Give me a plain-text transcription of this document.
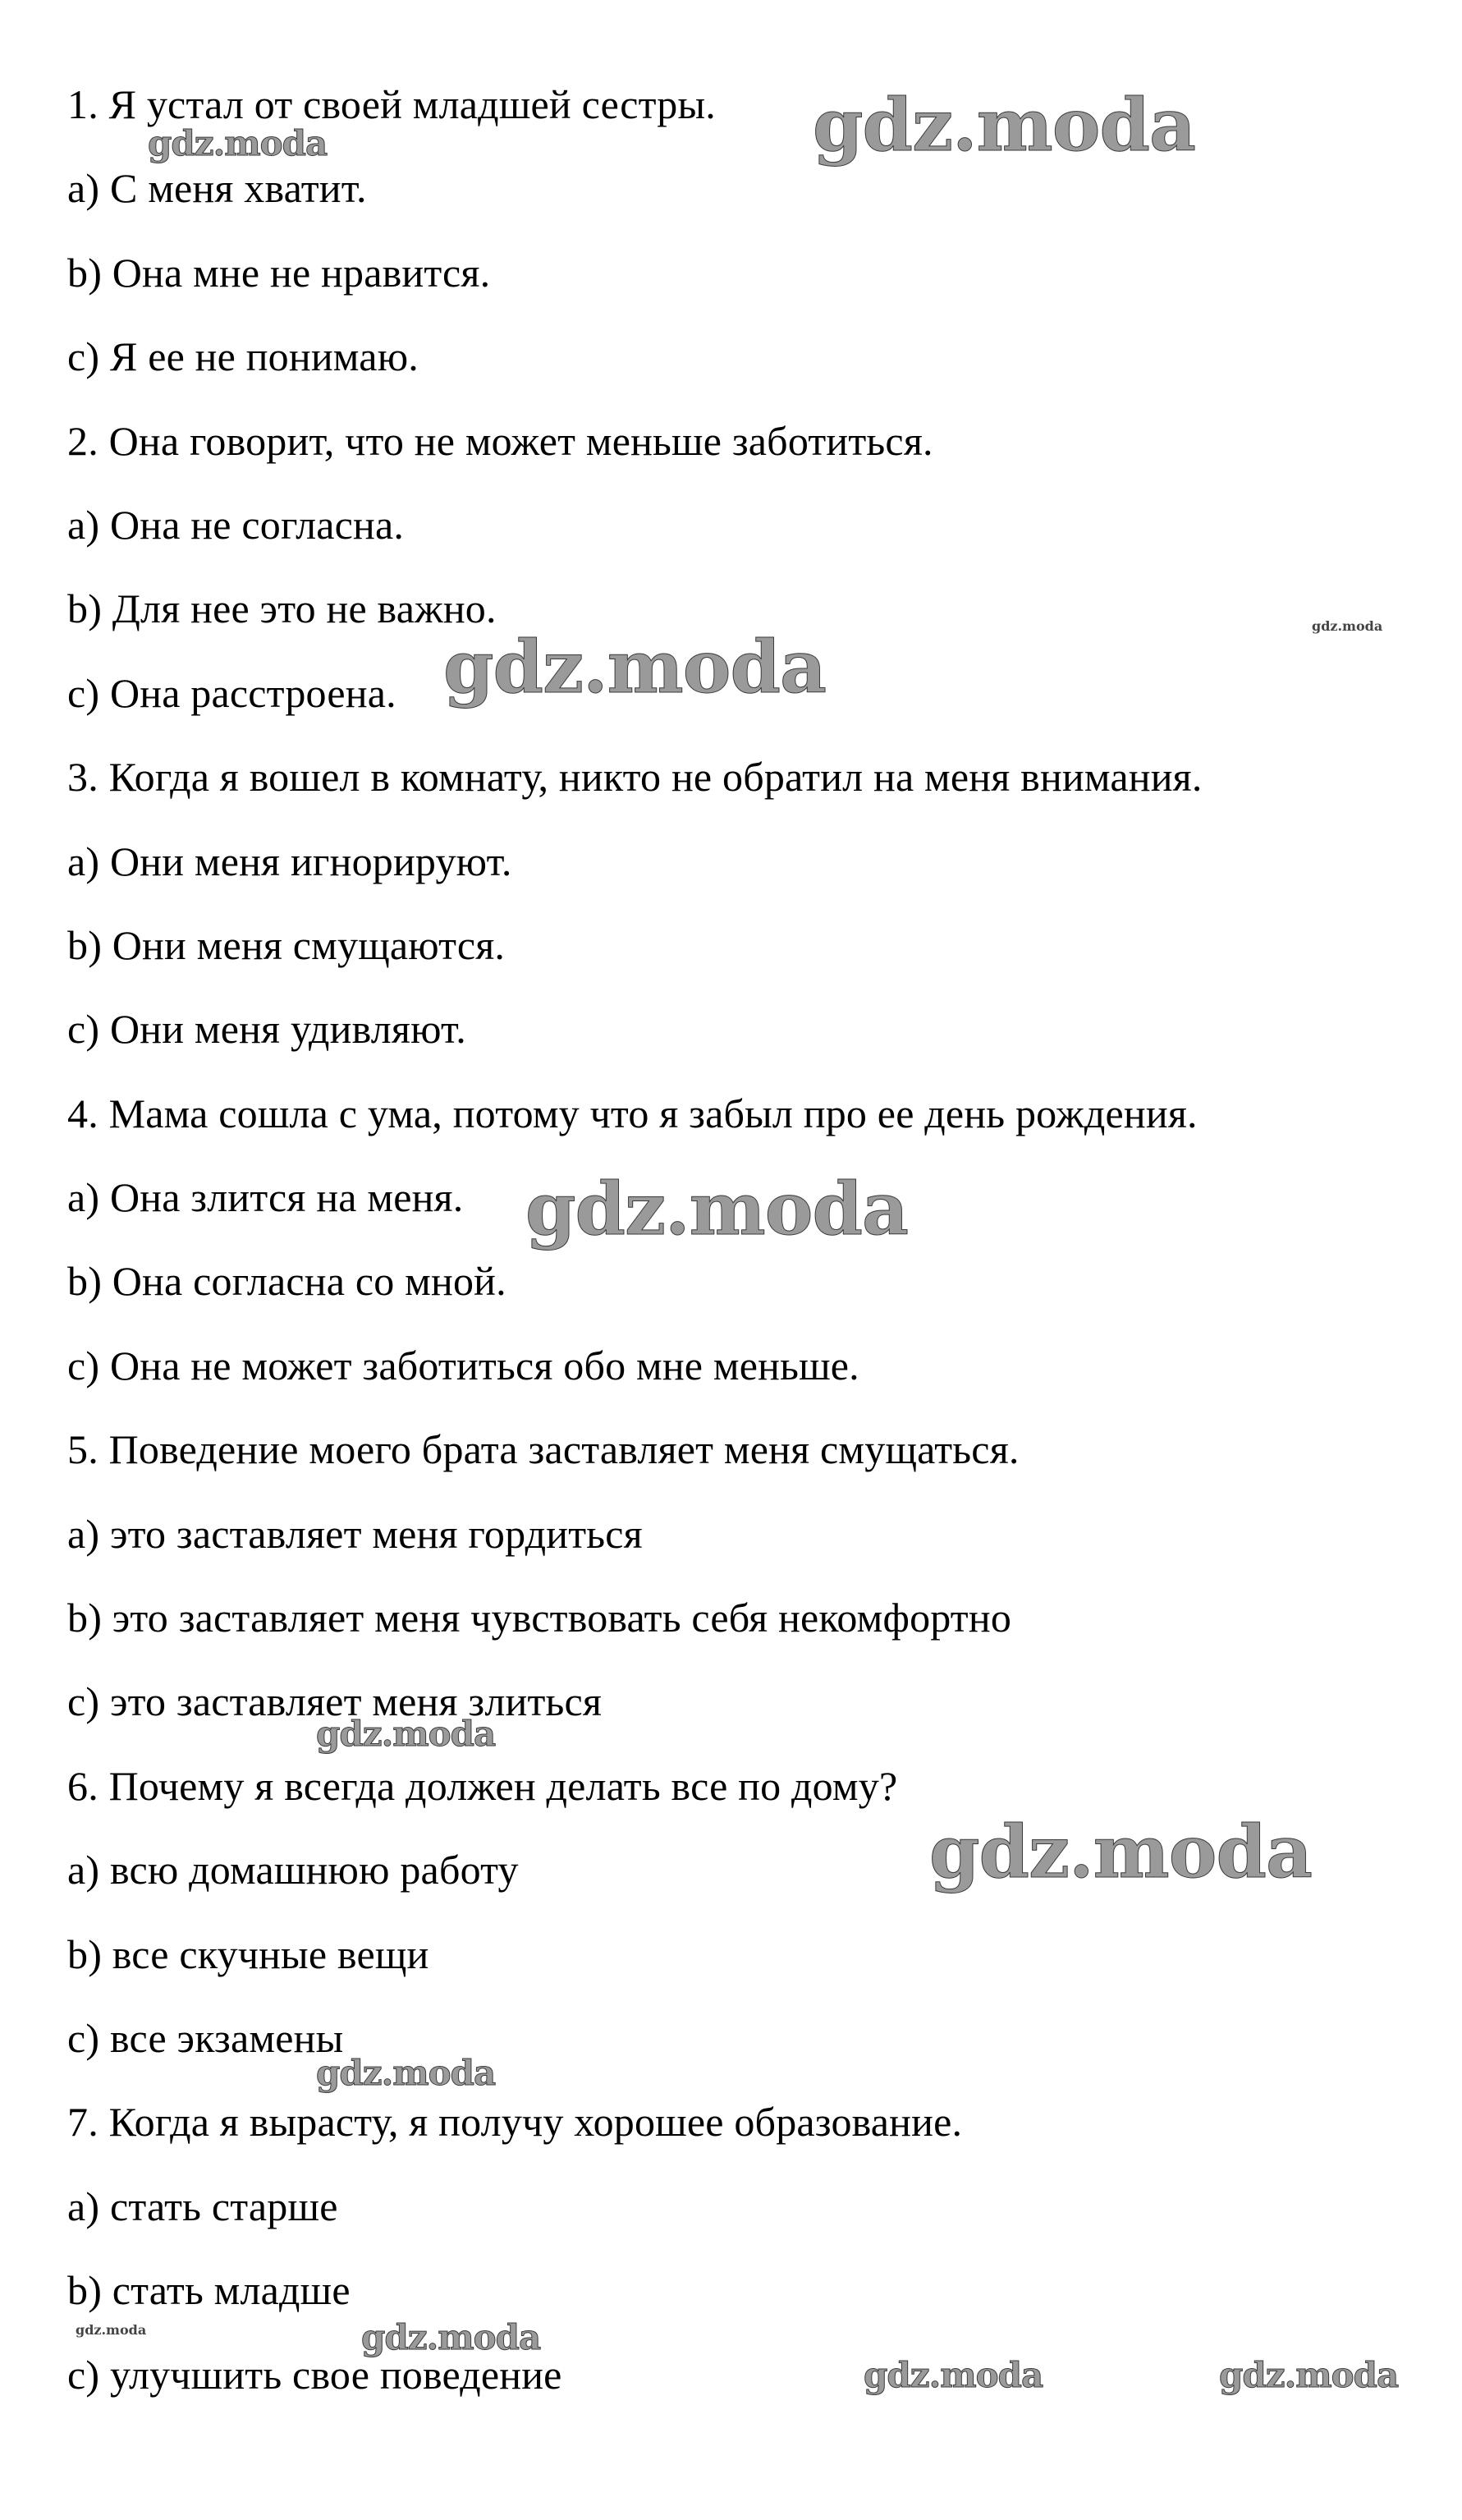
1. Я устал от своей младшей сестры.
a) С меня хватит.
b) Она мне не нравится.
c) Я ее не понимаю.
2. Она говорит, что не может меньше заботиться.
a) Она не согласна.
b) Для нее это не важно.
c) Она расстроена.
3. Когда я вошел в комнату, никто не обратил на меня внимания.
a) Они меня игнорируют.
b) Они меня смущаются.
c) Они меня удивляют.
4. Мама сошла с ума, потому что я забыл про ее день рождения.
a) Она злится на меня.
b) Она согласна со мной.
c) Она не может заботиться обо мне меньше.
5. Поведение моего брата заставляет меня смущаться.
a) это заставляет меня гордиться
b) это заставляет меня чувствовать себя некомфортно
c) это заставляет меня злиться
6. Почему я всегда должен делать все по дому?
a) всю домашнюю работу
b) все скучные вещи
c) все экзамены
7. Когда я вырасту, я получу хорошее образование.
a) стать старше
b) стать младше
c) улучшить свое поведение
gdz.moda
gdz.moda
gdz.moda	gdz.moda
gdz.moda
gdz.moda
gdz.moda
gdz.moda
gdz.moda	gdz.moda
gdz.moda	gdz.moda
